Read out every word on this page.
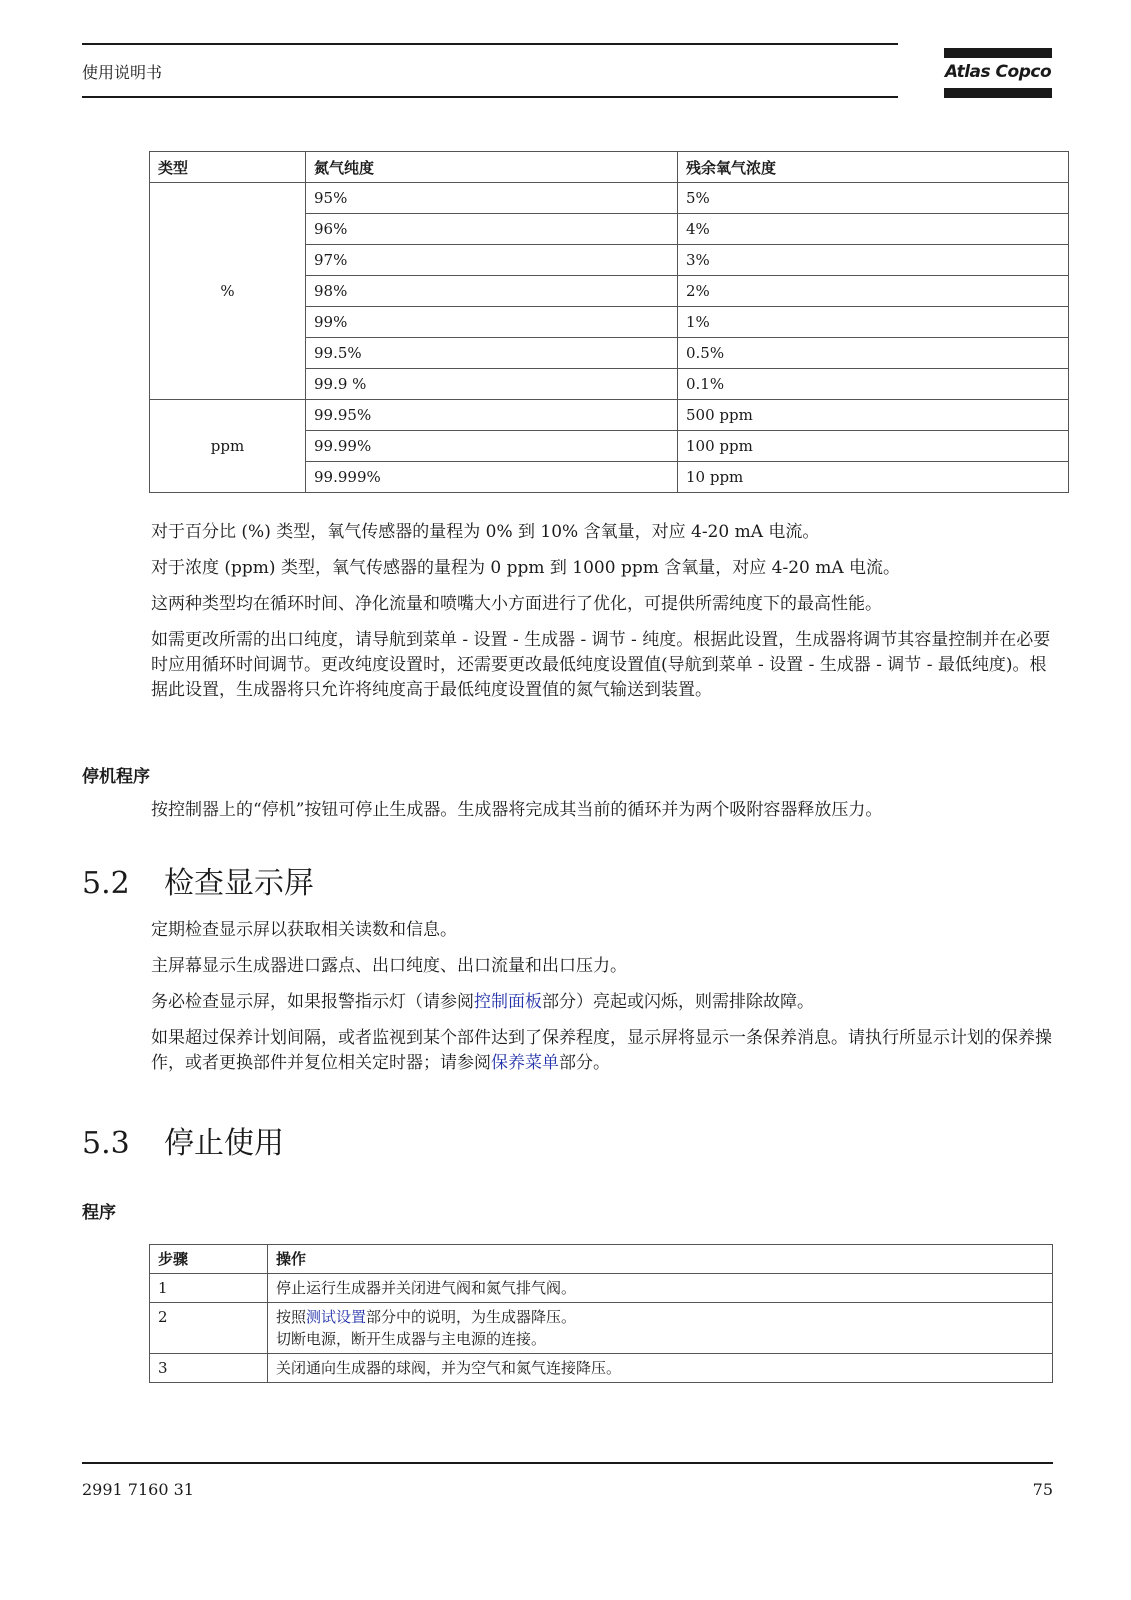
使用说明书	Atlas Copco
类型	氮气纯度	残余氧气浓度
%	95%	5%
	96%	4%
	97%	3%
	98%	2%
	99%	1%
	99.5%	0.5%
	99.9 %	0.1%
ppm	99.95%	500 ppm
	99.99%	100 ppm
	99.999%	10 ppm
对于百分比 (%) 类型，氧气传感器的量程为 0% 到 10% 含氧量，对应 4-20 mA 电流。
对于浓度 (ppm) 类型，氧气传感器的量程为 0 ppm 到 1000 ppm 含氧量，对应 4-20 mA 电流。
这两种类型均在循环时间、净化流量和喷嘴大小方面进行了优化，可提供所需纯度下的最高性能。
如需更改所需的出口纯度，请导航到菜单 - 设置 - 生成器 - 调节 - 纯度。根据此设置，生成器将调节其容量控制并在必要时应用循环时间调节。更改纯度设置时，还需要更改最低纯度设置值(导航到菜单 - 设置 - 生成器 - 调节 - 最低纯度)。根据此设置，生成器将只允许将纯度高于最低纯度设置值的氮气输送到装置。
停机程序
按控制器上的“停机”按钮可停止生成器。生成器将完成其当前的循环并为两个吸附容器释放压力。
5.2 检查显示屏
定期检查显示屏以获取相关读数和信息。
主屏幕显示生成器进口露点、出口纯度、出口流量和出口压力。
务必检查显示屏，如果报警指示灯（请参阅控制面板部分）亮起或闪烁，则需排除故障。
如果超过保养计划间隔，或者监视到某个部件达到了保养程度，显示屏将显示一条保养消息。请执行所显示计划的保养操作，或者更换部件并复位相关定时器；请参阅保养菜单部分。
5.3 停止使用
程序
步骤	操作
1	停止运行生成器并关闭进气阀和氮气排气阀。
2	按照测试设置部分中的说明，为生成器降压。
切断电源，断开生成器与主电源的连接。
3	关闭通向生成器的球阀，并为空气和氮气连接降压。
2991 7160 31	75
